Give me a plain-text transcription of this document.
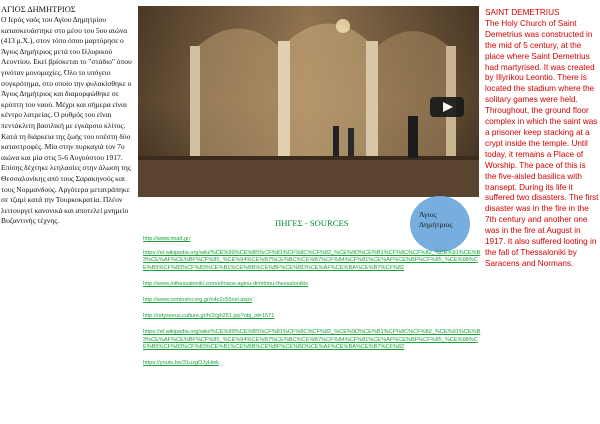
ΑΓΙΟΣ ΔΗΜΗΤΡΙΟΣ
Ο Ιερός ναός του Αγίου Δημητρίου κατασκευάστηκε στο μέσο του 5ου αιώνα (413 μ.Χ.), στον τόπο όπου μαρτύρησε ο Άγιος Δημήτριος μετά του Ιλλυρικού Λεοντίου. Εκεί βρίσκεται το "στάδιο" όπου γινόταν μονομαχίες. Όλο το υπόγειο συγκρότημα, στο οποίο την φυλακίσθηκε ο Άγιος Δημήτριος και διαμορφώθηκε σε κρύπτη του ναού. Μέχρι και σήμερα είναι κέντρο λατρείας. Ο ρυθμός του είναι πεντάκλιτη βασιλική με εγκάρσιο κλίτος. Κατά τη διάρκεια της ζωής του υπέστη δύο καταστροφές. Μία στην πυρκαγιά τον 7ο αιώνα και μία στις 5-6 Αυγούστου 1917. Επίσης δέχτηκε λεηλασίες στην άλωση της Θεσσαλονίκης από τους Σαρακηνούς και τους Νορμανδούς. Αργότερα μετατράπηκε σε τζαμί κατά την Τουρκοκρατία. Πλέον λειτουργεί κανονικά και αποτελεί μνημείο Βυζαντινής τέχνης.
SAINT DEMETRIUS
The Holy Church of Saint Demetrius was constructed in the mid of 5 century, at the place where Saint Demetrius had martyrised. It was created by Illyrikou Leontio. There is located the stadium where the solitary games were held. Throughout, the ground floor complex in which the saint was a prisoner keep stacking at a crypt inside the temple. Until today, it remains a Place of Worship. The pace of this is the five-aisled basilica with transept. During its life it suffered two disasters. The first disaster was in the fire in the 7th century and another one was in the fire at August in 1917. It also suffered looting in the fall of Thessaloniki by Saracens and Normans.
Άγιος Δημήτριος
ΠΗΓΕΣ - SOURCES
http://www.imad.gr/
https://el.wikipedia.org/wiki/%CE%99%CE%B5%CF%81%CF%8C%CF%82_%CE%9D%CE%B1%CF%8C%CF%82_%CE%91%CE%B3%CE%AF%CE%BF%CF%85_%CE%94%CE%B7%CE%BC%CE%B7%CF%84%CF%81%CE%AF%CE%BF%CF%85_%CE%98%CE%B5%CF%83%CF%83%CE%B1%CE%BB%CE%BF%CE%BD%CE%AF%CE%BA%CE%B7%CF%82
http://www.inthessaloniki.com/el/naos-agiou-dimitriou-thessalonikis
http://www.romiosini.org.gr/n4c2c55cel.aspx
http://odysseus.culture.gr/h/2/gh251.jsp?obj_id=1571
https://el.wikipedia.org/wiki/%CE%99%CE%B5%CF%81%CF%8C%CF%82_%CE%9D%CE%B1%CF%8C%CF%82_%CE%91%CE%B3%CE%AF%CE%BF%CF%85_%CE%94%CE%B7%CE%BC%CE%B7%CF%84%CF%81%CE%AF%CE%BF%CF%85_%CE%98%CE%B5%CF%83%CF%83%CE%B1%CE%BB%CE%BF%CE%BD%CE%AF%CE%BA%CE%B7%CF%82
https://youtu.be/31uxgOJyHwk
